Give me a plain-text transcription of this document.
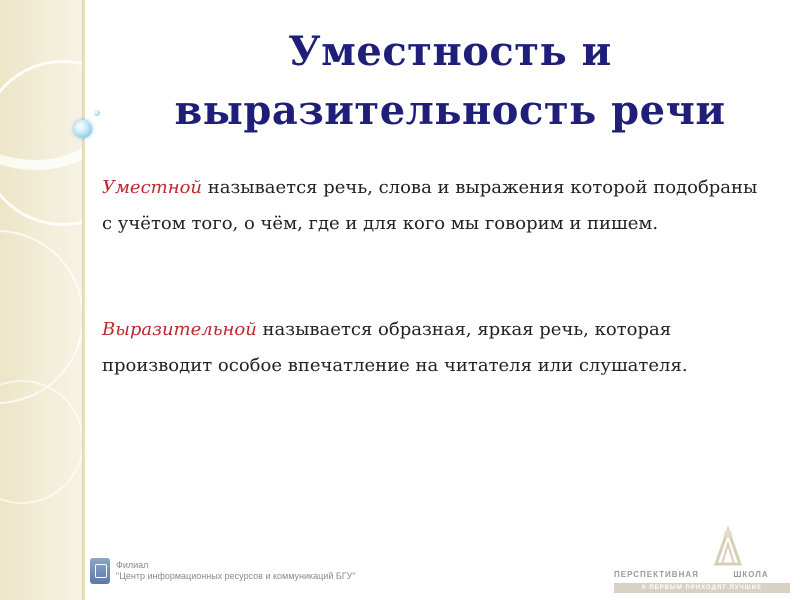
Уместность и
выразительность речи
Уместной называется речь, слова и выражения которой подобраны с учётом того, о чём, где и для кого мы говорим и пишем.
Выразительной называется образная, яркая речь, которая производит особое впечатление на читателя или слушателя.
Филиал
"Центр информационных ресурсов и коммуникаций БГУ"	ПЕРСПЕКТИВНАЯ	ШКОЛА
К ПЕРВЫМ ПРИХОДЯТ ЛУЧШИЕ
